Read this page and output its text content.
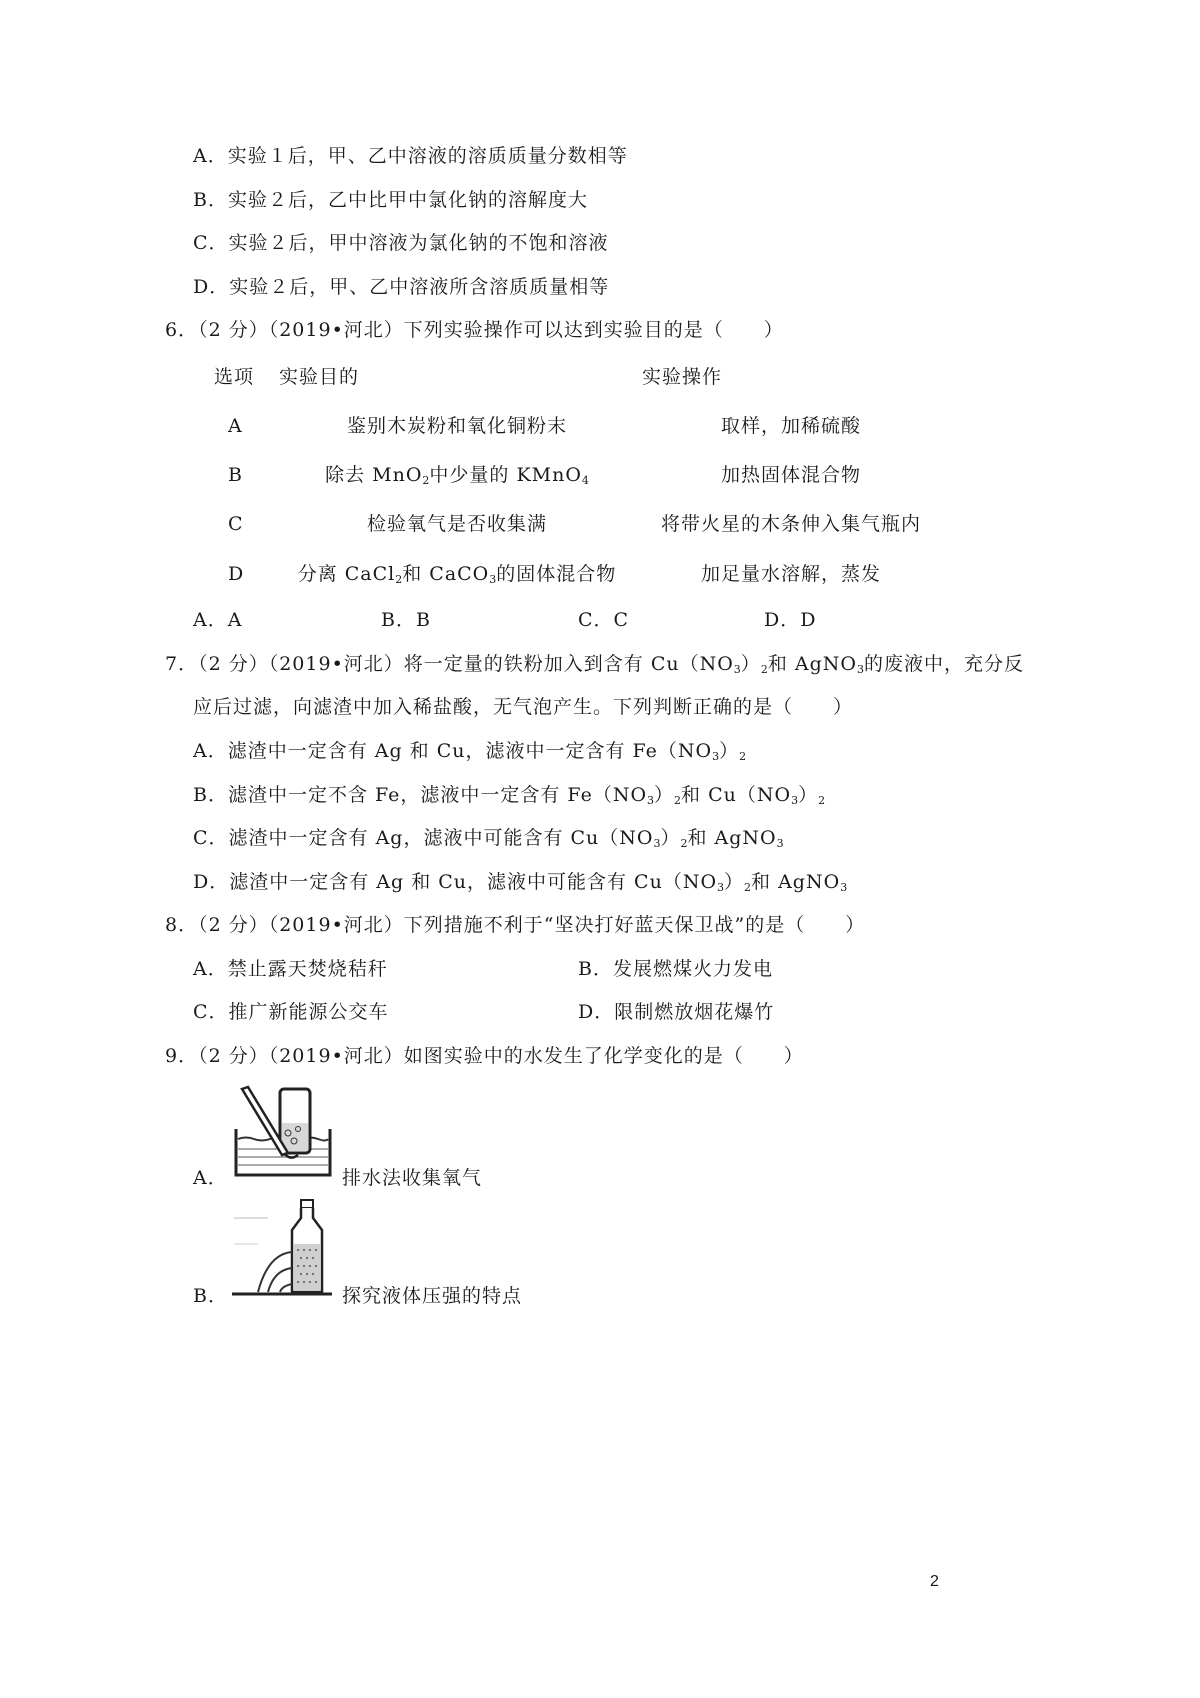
A．实验１后，甲、乙中溶液的溶质质量分数相等
B．实验２后，乙中比甲中氯化钠的溶解度大
C．实验２后，甲中溶液为氯化钠的不饱和溶液
D．实验２后，甲、乙中溶液所含溶质质量相等
6．（2 分）（2019•河北）下列实验操作可以达到实验目的是（　　）
选项 实验目的	实验操作
A	鉴别木炭粉和氧化铜粉末	取样，加稀硫酸
B	除去 MnO$_2$中少量的 KMnO$_4$	加热固体混合物
C	检验氧气是否收集满	将带火星的木条伸入集气瓶内
D	分离 CaCl$_2$和 CaCO$_3$的固体混合物	加足量水溶解，蒸发
A．A	B．B	C．C	D．D
7．（2 分）（2019•河北）将一定量的铁粉加入到含有 $Cu(NO_3)_2$和 AgNO$_3$的废液中，充分反
应后过滤，向滤渣中加入稀盐酸，无气泡产生。下列判断正确的是（　　）
A．滤渣中一定含有 Ag 和 Cu，滤液中一定含有 $Fe(NO_3)_2$
B．滤渣中一定不含 Fe，滤液中一定含有 $Fe(NO_3)_2$和 $Cu(NO_3)_2$
C．滤渣中一定含有 Ag，滤液中可能含有 $Cu(NO_3)_2$和 AgNO$_3$
D．滤渣中一定含有 Ag 和 Cu，滤液中可能含有 $Cu(NO_3)_2$和 AgNO$_3$
8．（2 分）（2019•河北）下列措施不利于“坚决打好蓝天保卫战”的是（　　）
A．禁止露天焚烧秸秆	B．发展燃煤火力发电
C．推广新能源公交车	D．限制燃放烟花爆竹
9．（2 分）（2019•河北）如图实验中的水发生了化学变化的是（　　）
A．	排水法收集氧气
B．	探究液体压强的特点
2
